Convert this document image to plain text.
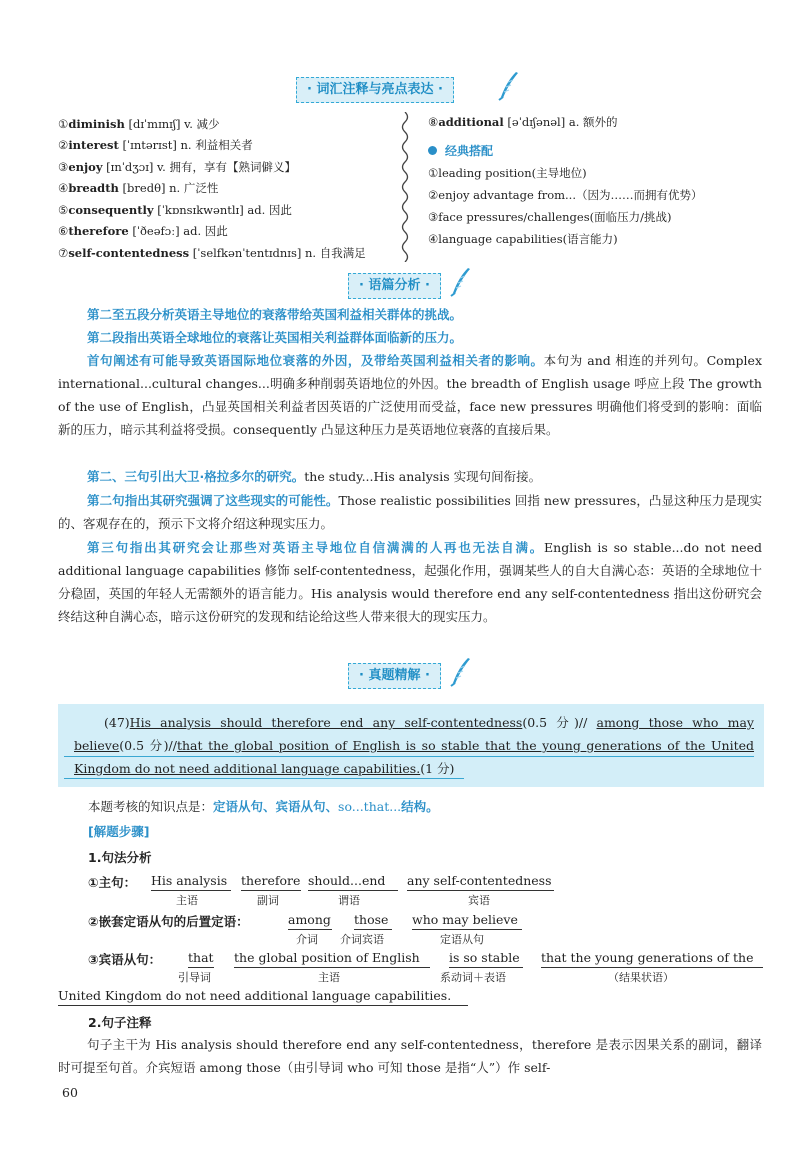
· 词汇注释与亮点表达 ·
①diminish [dɪˈmɪnɪʃ] v. 减少
②interest [ˈɪntərɪst] n. 利益相关者
③enjoy [ɪnˈdʒɔɪ] v. 拥有，享有【熟词僻义】
④breadth [bredθ] n. 广泛性
⑤consequently [ˈkɒnsɪkwəntlɪ] ad. 因此
⑥therefore [ˈðeəfɔː] ad. 因此
⑦self-contentedness [ˈselfkənˈtentɪdnɪs] n. 自我满足
⑧additional [əˈdɪʃənəl] a. 额外的
经典搭配
①leading position(主导地位)
②enjoy advantage from...（因为……而拥有优势）
③face pressures/challenges(面临压力/挑战)
④language capabilities(语言能力)
· 语篇分析 ·
第二至五段分析英语主导地位的衰落带给英国利益相关群体的挑战。
第二段指出英语全球地位的衰落让英国相关利益群体面临新的压力。
首句阐述有可能导致英语国际地位衰落的外因，及带给英国利益相关者的影响。本句为 and 相连的并列句。Complex international...cultural changes...明确多种削弱英语地位的外因。the breadth of English usage 呼应上段 The growth of the use of English，凸显英国相关利益者因英语的广泛使用而受益，face new pressures 明确他们将受到的影响：面临新的压力，暗示其利益将受损。consequently 凸显这种压力是英语地位衰落的直接后果。
第二、三句引出大卫·格拉多尔的研究。the study...His analysis 实现句间衔接。
第二句指出其研究强调了这些现实的可能性。Those realistic possibilities 回指 new pressures，凸显这种压力是现实的、客观存在的，预示下文将介绍这种现实压力。
第三句指出其研究会让那些对英语主导地位自信满满的人再也无法自满。English is so stable...do not need additional language capabilities 修饰 self-contentedness，起强化作用，强调某些人的自大自满心态：英语的全球地位十分稳固，英国的年轻人无需额外的语言能力。His analysis would therefore end any self-contentedness 指出这份研究会终结这种自满心态，暗示这份研究的发现和结论给这些人带来很大的现实压力。
· 真题精解 ·
(47)His analysis should therefore end any self-contentedness(0.5 分)// among those who may believe(0.5 分)//that the global position of English is so stable that the young generations of the United Kingdom do not need additional language capabilities.(1 分)
本题考核的知识点是：定语从句、宾语从句、so...that...结构。
[解题步骤]
1.句法分析
①主句： His analysis
主语
therefore
副词
should...end
谓语
any self-contentedness
宾语
②嵌套定语从句的后置定语：	among
介词
those
介词宾语
who may believe
定语从句
③宾语从句： that
引导词
the global position of English
主语
is so stable
系动词＋表语
that the young generations of the
（结果状语）
United Kingdom do not need additional language capabilities.
2.句子注释
句子主干为 His analysis should therefore end any self-contentedness，therefore 是表示因果关系的副词，翻译时可提至句首。介宾短语 among those（由引导词 who 可知 those 是指“人”）作 self-
60
